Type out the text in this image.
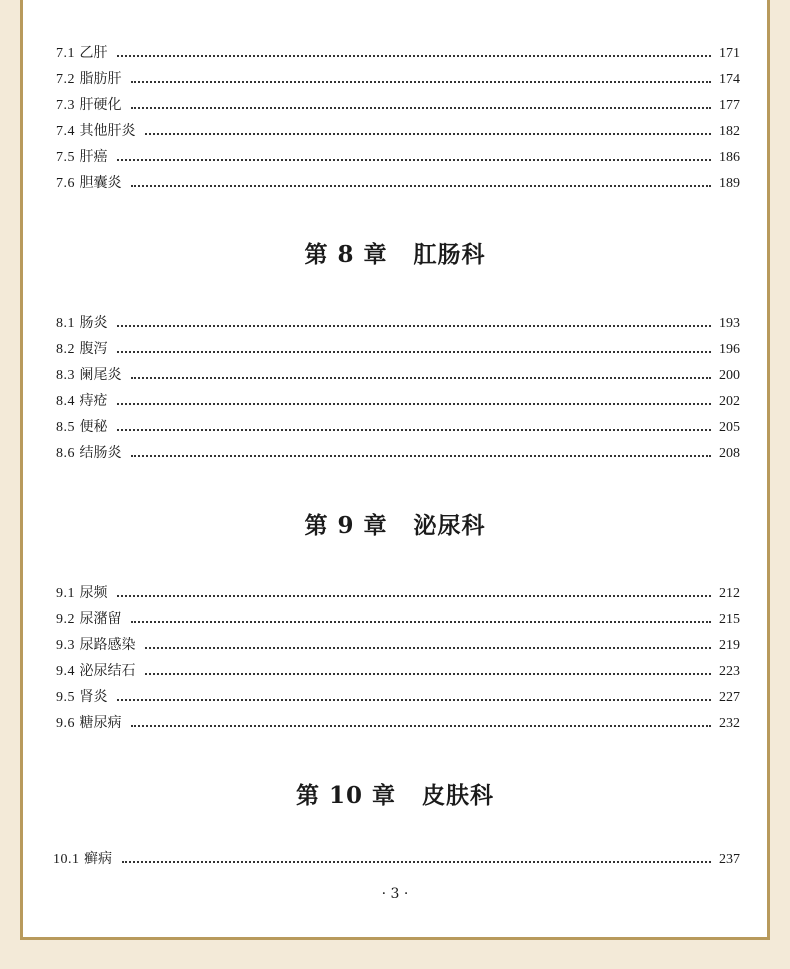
7.1 乙肝	171
7.2 脂肪肝	174
7.3 肝硬化	177
7.4 其他肝炎	182
7.5 肝癌	186
7.6 胆囊炎	189
第 8 章 肛肠科
8.1 肠炎	193
8.2 腹泻	196
8.3 阑尾炎	200
8.4 痔疮	202
8.5 便秘	205
8.6 结肠炎	208
第 9 章 泌尿科
9.1 尿频	212
9.2 尿潴留	215
9.3 尿路感染	219
9.4 泌尿结石	223
9.5 肾炎	227
9.6 糖尿病	232
第 10 章 皮肤科
10.1 癣病	237
· 3 ·
